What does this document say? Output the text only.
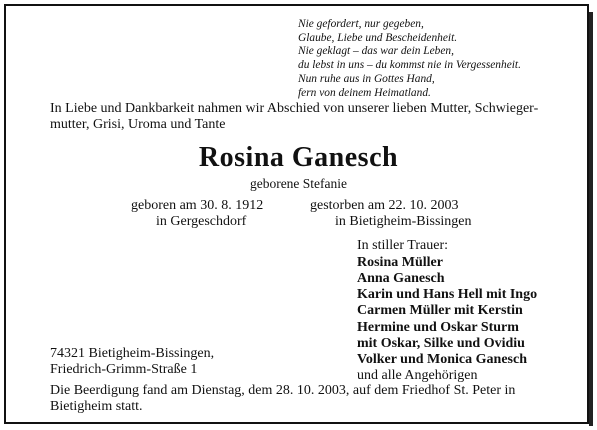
Nie gefordert, nur gegeben,
Glaube, Liebe und Bescheidenheit.
Nie geklagt – das war dein Leben,
du lebst in uns – du kommst nie in Vergessenheit.
Nun ruhe aus in Gottes Hand,
fern von deinem Heimatland.
In Liebe und Dankbarkeit nahmen wir Abschied von unserer lieben Mutter, Schwieger-
mutter, Grisi, Uroma und Tante
Rosina Ganesch
geborene Stefanie
geboren am 30. 8. 1912
in Gergeschdorf
gestorben am 22. 10. 2003
in Bietigheim-Bissingen
In stiller Trauer:
Rosina Müller
Anna Ganesch
Karin und Hans Hell mit Ingo
Carmen Müller mit Kerstin
Hermine und Oskar Sturm
mit Oskar, Silke und Ovidiu
Volker und Monica Ganesch
und alle Angehörigen
74321 Bietigheim-Bissingen,
Friedrich-Grimm-Straße 1
Die Beerdigung fand am Dienstag, dem 28. 10. 2003, auf dem Friedhof St. Peter in
Bietigheim statt.
